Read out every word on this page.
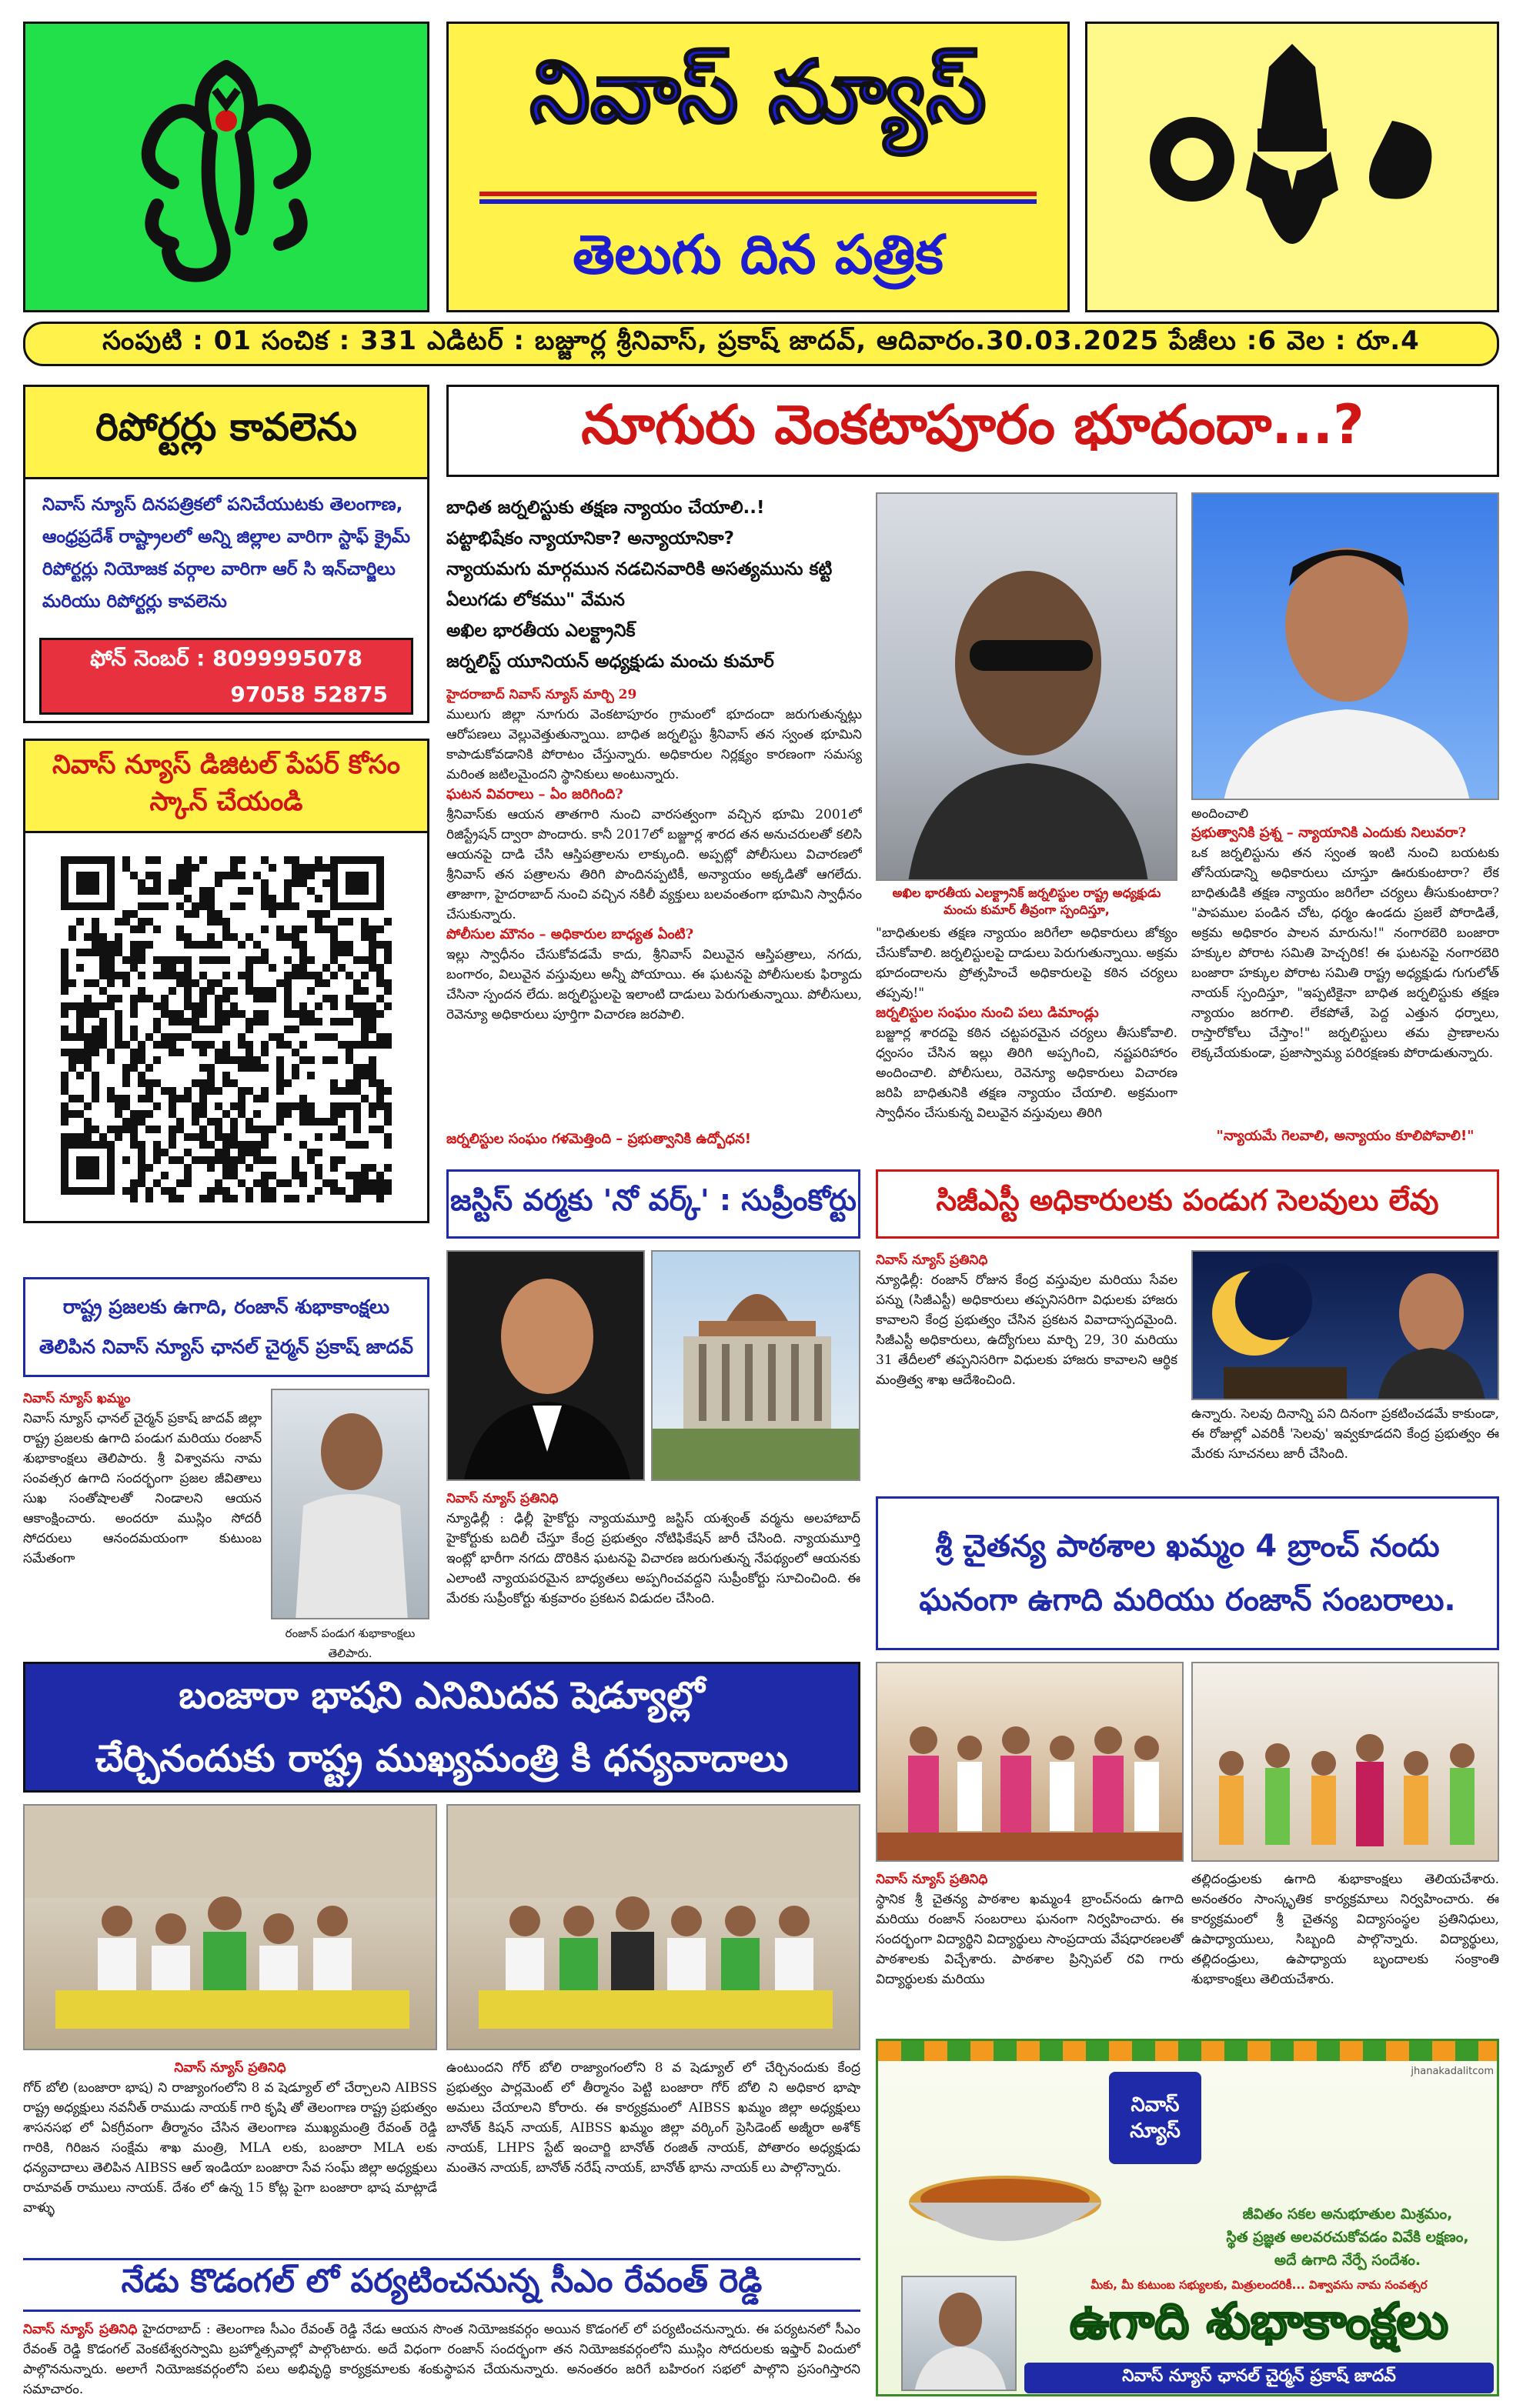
నివాస్ న్యూస్
తెలుగు దిన పత్రిక
సంపుటి : 01 సంచిక : 331 ఎడిటర్ : బజ్జూర్ల శ్రీనివాస్, ప్రకాష్ జాదవ్, ఆదివారం.30.03.2025 పేజీలు :6 వెల : రూ.4
రిపోర్టర్లు కావలెను
నివాస్ న్యూస్ దినపత్రికలో పనిచేయుటకు తెలంగాణ, ఆంధ్రప్రదేశ్ రాష్ట్రాలలో అన్ని జిల్లాల వారిగా స్టాఫ్ క్రైమ్ రిపోర్టర్లు నియోజక వర్గాల వారిగా ఆర్ సి ఇన్‌చార్జిలు మరియు రిపోర్టర్లు కావలెను
ఫోన్ నెంబర్ : 8099995078
97058 52875
నివాస్ న్యూస్ డిజిటల్ పేపర్ కోసం స్కాన్ చేయండి
నూగురు వెంకటాపూరం భూదందా...?
బాధిత జర్నలిస్టుకు తక్షణ న్యాయం చేయాలి..!
పట్టాభిషేకం న్యాయానికా? అన్యాయానికా?
న్యాయమగు మార్గమున నడచినవారికి అసత్యమును కట్టి
ఏలుగడు లోకము" వేమన
అఖిల భారతీయ ఎలక్ట్రానిక్
జర్నలిస్ట్ యూనియన్ అధ్యక్షుడు మంచు కుమార్
హైదరాబాద్ నివాస్ న్యూస్ మార్చి 29
ములుగు జిల్లా నూగురు వెంకటాపూరం గ్రామంలో భూదందా జరుగుతున్నట్లు ఆరోపణలు వెల్లువెత్తుతున్నాయి. బాధిత జర్నలిస్టు శ్రీనివాస్ తన స్వంత భూమిని కాపాడుకోవడానికి పోరాటం చేస్తున్నారు. అధికారుల నిర్లక్ష్యం కారణంగా సమస్య మరింత జటిలమైందని స్థానికులు అంటున్నారు.
ఘటన వివరాలు – ఏం జరిగింది?
శ్రీనివాస్‌కు ఆయన తాతగారి నుంచి వారసత్వంగా వచ్చిన భూమి 2001లో రిజిస్ట్రేషన్ ద్వారా పొందారు. కానీ 2017లో బజ్జూర్ల శారద తన అనుచరులతో కలిసి ఆయనపై దాడి చేసి ఆస్తిపత్రాలను లాక్కుంది. అప్పట్లో పోలీసులు విచారణలో శ్రీనివాస్ తన పత్రాలను తిరిగి పొందినప్పటికీ, అన్యాయం అక్కడితో ఆగలేదు. తాజాగా, హైదరాబాద్ నుంచి వచ్చిన నకిలీ వ్యక్తులు బలవంతంగా భూమిని స్వాధీనం చేసుకున్నారు.
పోలీసుల మౌనం – అధికారుల బాధ్యత ఏంటి?
ఇల్లు స్వాధీనం చేసుకోవడమే కాదు, శ్రీనివాస్ విలువైన ఆస్తిపత్రాలు, నగదు, బంగారం, విలువైన వస్తువులు అన్నీ పోయాయి. ఈ ఘటనపై పోలీసులకు ఫిర్యాదు చేసినా స్పందన లేదు. జర్నలిస్టులపై ఇలాంటి దాడులు పెరుగుతున్నాయి. పోలీసులు, రెవెన్యూ అధికారులు పూర్తిగా విచారణ జరపాలి.
జర్నలిస్టుల సంఘం గళమెత్తింది – ప్రభుత్వానికి ఉద్బోధన!
అఖిల భారతీయ ఎలక్ట్రానిక్ జర్నలిస్టుల రాష్ట్ర అధ్యక్షుడు మంచు కుమార్ తీవ్రంగా స్పందిస్తూ,
"బాధితులకు తక్షణ న్యాయం జరిగేలా అధికారులు జోక్యం చేసుకోవాలి. జర్నలిస్టులపై దాడులు పెరుగుతున్నాయి. అక్రమ భూదందాలను ప్రోత్సహించే అధికారులపై కఠిన చర్యలు తప్పవు!"
జర్నలిస్టుల సంఘం నుంచి పలు డిమాండ్లు
బజ్జూర్ల శారదపై కఠిన చట్టపరమైన చర్యలు తీసుకోవాలి. ధ్వంసం చేసిన ఇల్లు తిరిగి అప్పగించి, నష్టపరిహారం అందించాలి. పోలీసులు, రెవెన్యూ అధికారులు విచారణ జరిపి బాధితునికి తక్షణ న్యాయం చేయాలి. అక్రమంగా స్వాధీనం చేసుకున్న విలువైన వస్తువులు తిరిగి
అందించాలి
ప్రభుత్వానికి ప్రశ్న – న్యాయానికి ఎందుకు నిలువరా?
ఒక జర్నలిస్టును తన స్వంత ఇంటి నుంచి బయటకు తోసేయడాన్ని అధికారులు చూస్తూ ఊరుకుంటారా? లేక బాధితుడికి తక్షణ న్యాయం జరిగేలా చర్యలు తీసుకుంటారా? "పాపముల పండిన చోట, ధర్మం ఉండదు ప్రజలే పోరాడితే, అక్రమ అధికారం పాలన మారును!" నంగారబెరి బంజారా హక్కుల పోరాట సమితి హెచ్చరిక! ఈ ఘటనపై నంగారబెరి బంజారా హక్కుల పోరాట సమితి రాష్ట్ర అధ్యక్షుడు గుగులోత్ నాయక్ స్పందిస్తూ, "ఇప్పటికైనా బాధిత జర్నలిస్టుకు తక్షణ న్యాయం జరగాలి. లేకపోతే, పెద్ద ఎత్తున ధర్నాలు, రాస్తారోకోలు చేస్తాం!" జర్నలిస్టులు తమ ప్రాణాలను లెక్కచేయకుండా, ప్రజాస్వామ్య పరిరక్షణకు పోరాడుతున్నారు.
"న్యాయమే గెలవాలి, అన్యాయం కూలిపోవాలి!"
జస్టిస్ వర్మకు 'నో వర్క్' : సుప్రీంకోర్టు
నివాస్ న్యూస్ ప్రతినిధి
న్యూఢిల్లీ : ఢిల్లీ హైకోర్టు న్యాయమూర్తి జస్టిస్ యశ్వంత్ వర్మను అలహాబాద్ హైకోర్టుకు బదిలీ చేస్తూ కేంద్ర ప్రభుత్వం నోటిఫికేషన్ జారీ చేసింది. న్యాయమూర్తి ఇంట్లో భారీగా నగదు దొరికిన ఘటనపై విచారణ జరుగుతున్న నేపథ్యంలో ఆయనకు ఎలాంటి న్యాయపరమైన బాధ్యతలు అప్పగించవద్దని సుప్రీంకోర్టు సూచించింది. ఈ మేరకు సుప్రీంకోర్టు శుక్రవారం ప్రకటన విడుదల చేసింది.
సిజీఎస్టీ అధికారులకు పండుగ సెలవులు లేవు
నివాస్ న్యూస్ ప్రతినిధి
న్యూఢిల్లీ: రంజాన్ రోజున కేంద్ర వస్తువుల మరియు సేవల పన్ను (సిజీఎస్టీ) అధికారులు తప్పనిసరిగా విధులకు హాజరు కావాలని కేంద్ర ప్రభుత్వం చేసిన ప్రకటన వివాదాస్పదమైంది. సిజీఎస్టీ అధికారులు, ఉద్యోగులు మార్చి 29, 30 మరియు 31 తేదీలలో తప్పనిసరిగా విధులకు హాజరు కావాలని ఆర్థిక మంత్రిత్వ శాఖ ఆదేశించింది.
ఉన్నారు. సెలవు దినాన్ని పని దినంగా ప్రకటించడమే కాకుండా, ఈ రోజుల్లో ఎవరికీ 'సెలవు' ఇవ్వకూడదని కేంద్ర ప్రభుత్వం ఈ మేరకు సూచనలు జారీ చేసింది.
రాష్ట్ర ప్రజలకు ఉగాది, రంజాన్ శుభాకాంక్షలు తెలిపిన నివాస్ న్యూస్ ఛానల్ చైర్మన్ ప్రకాష్ జాదవ్
నివాస్ న్యూస్ ఖమ్మం
నివాస్ న్యూస్ ఛానల్ చైర్మన్ ప్రకాష్ జాదవ్ జిల్లా రాష్ట్ర ప్రజలకు ఉగాది పండుగ మరియు రంజాన్ శుభాకాంక్షలు తెలిపారు. శ్రీ విశ్వావసు నామ సంవత్సర ఉగాది సందర్భంగా ప్రజల జీవితాలు సుఖ సంతోషాలతో నిండాలని ఆయన ఆకాంక్షించారు. అందరూ ముస్లిం సోదరీ సోదరులు ఆనందమయంగా కుటుంబ సమేతంగా
రంజాన్ పండుగ శుభాకాంక్షలు తెలిపారు.
శ్రీ చైతన్య పాఠశాల ఖమ్మం 4 బ్రాంచ్ నందు ఘనంగా ఉగాది మరియు రంజాన్ సంబరాలు.
నివాస్ న్యూస్ ప్రతినిధి
స్థానిక శ్రీ చైతన్య పాఠశాల ఖమ్మం4 బ్రాంచ్‌నందు ఉగాది మరియు రంజాన్ సంబరాలు ఘనంగా నిర్వహించారు. ఈ సందర్భంగా విద్యార్థిని విద్యార్థులు సాంప్రదాయ వేషధారణలతో పాఠశాలకు విచ్చేశారు. పాఠశాల ప్రిన్సిపల్ రవి గారు విద్యార్థులకు మరియు
తల్లిదండ్రులకు ఉగాది శుభాకాంక్షలు తెలియచేశారు. అనంతరం సాంస్కృతిక కార్యక్రమాలు నిర్వహించారు. ఈ కార్యక్రమంలో శ్రీ చైతన్య విద్యాసంస్థల ప్రతినిధులు, ఉపాధ్యాయులు, సిబ్బంది పాల్గొన్నారు. విద్యార్థులు, తల్లిదండ్రులు, ఉపాధ్యాయ బృందాలకు సంక్రాంతి శుభాకాంక్షలు తెలియచేశారు.
బంజారా భాషని ఎనిమిదవ షెడ్యూల్లో
చేర్చినందుకు రాష్ట్ర ముఖ్యమంత్రి కి ధన్యవాదాలు
నివాస్ న్యూస్ ప్రతినిధి
గోర్ బోలి (బంజారా భాష) ని రాజ్యాంగంలోని 8 వ షెడ్యూల్ లో చేర్చాలని AIBSS రాష్ట్ర అధ్యక్షులు నవనీత్ రాముడు నాయక్ గారి కృషి తో తెలంగాణ రాష్ట్ర ప్రభుత్వం శాసనసభ లో ఏకగ్రీవంగా తీర్మానం చేసిన తెలంగాణ ముఖ్యమంత్రి రేవంత్ రెడ్డి గారికి, గిరిజన సంక్షేమ శాఖ మంత్రి, MLA లకు, బంజారా MLA లకు ధన్యవాదాలు తెలిపిన AIBSS ఆల్ ఇండియా బంజారా సేవ సంఘ్ జిల్లా అధ్యక్షులు రామావత్ రాములు నాయక్. దేశం లో ఉన్న 15 కోట్ల పైగా బంజారా భాష మాట్లాడే వాళ్ళు
ఉంటుందని గోర్ బోలి రాజ్యాంగంలోని 8 వ షెడ్యూల్ లో చేర్చినందుకు కేంద్ర ప్రభుత్వం పార్లమెంట్ లో తీర్మానం పెట్టి బంజారా గోర్ బోలి ని అధికార భాషా అమలు చేయాలని కోరారు. ఈ కార్యక్రమంలో AIBSS ఖమ్మం జిల్లా అధ్యక్షులు బానోత్ కిషన్ నాయక్, AIBSS ఖమ్మం జిల్లా వర్కింగ్ ప్రెసిడెంట్ అజ్మీరా అశోక్ నాయక్, LHPS స్టేట్ ఇంచార్జి బానోత్ రంజిత్ నాయక్, పోతారం అధ్యక్షుడు మంతెన నాయక్, బానోత్ నరేష్ నాయక్, బానోత్ భాను నాయక్ లు పాల్గొన్నారు.
నేడు కొడంగల్ లో పర్యటించనున్న సీఎం రేవంత్ రెడ్డి
నివాస్ న్యూస్ ప్రతినిధి హైదరాబాద్ : తెలంగాణ సీఎం రేవంత్ రెడ్డి నేడు ఆయన సొంత నియోజకవర్గం అయిన కొడంగల్ లో పర్యటించనున్నారు. ఈ పర్యటనలో సీఎం రేవంత్ రెడ్డి కొడంగల్ వెంకటేశ్వరస్వామి బ్రహ్మోత్సవాల్లో పాల్గొంటారు. అదే విధంగా రంజాన్ సందర్భంగా తన నియోజకవర్గంలోని ముస్లిం సోదరులకు ఇఫ్తార్ విందులో పాల్గొననున్నారు. అలాగే నియోజకవర్గంలోని పలు అభివృద్ధి కార్యక్రమాలకు శంకుస్థాపన చేయనున్నారు. అనంతరం జరిగే బహిరంగ సభలో పాల్గొని ప్రసంగిస్తారని సమాచారం.
నివాస్
న్యూస్
jhanakadalitcom
జీవితం సకల అనుభూతుల మిశ్రమం,
స్థిత ప్రజ్ఞత అలవరచుకోవడం వివేకి లక్షణం,
అదే ఉగాది నేర్పే సందేశం.
మీకు, మీ కుటుంబ సభ్యులకు, మిత్రులందరికీ... విశ్వావసు నామ సంవత్సర
ఉగాది శుభాకాంక్షలు
నివాస్ న్యూస్ ఛానల్ చైర్మన్ ప్రకాష్ జాదవ్
